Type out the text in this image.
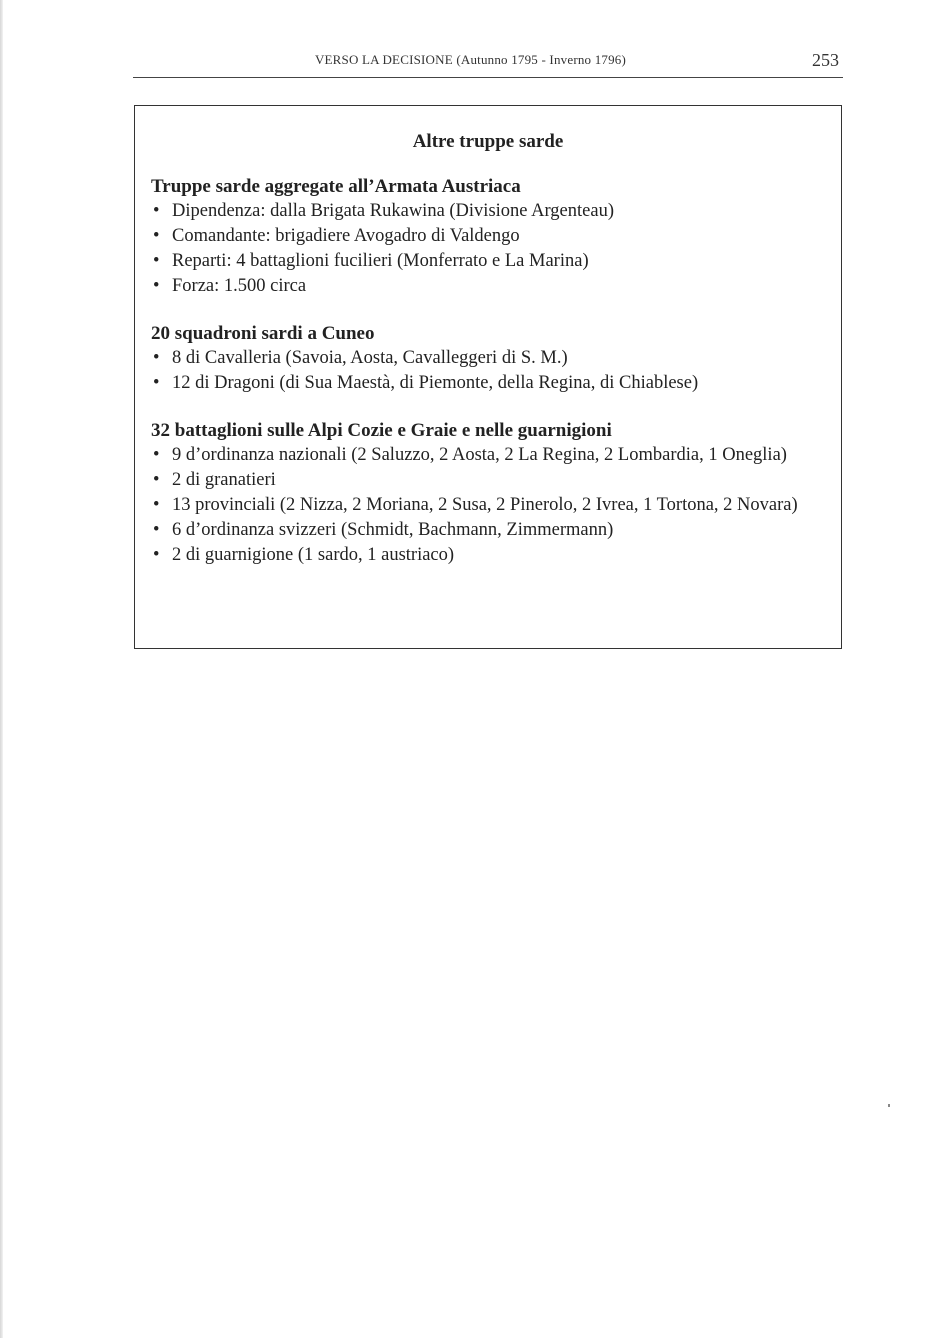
VERSO LA DECISIONE (Autunno 1795 - Inverno 1796)	253
Altre truppe sarde
Truppe sarde aggregate all’Armata Austriaca
• Dipendenza: dalla Brigata Rukawina (Divisione Argenteau)
• Comandante: brigadiere Avogadro di Valdengo
• Reparti: 4 battaglioni fucilieri (Monferrato e La Marina)
• Forza: 1.500 circa
20 squadroni sardi a Cuneo
• 8 di Cavalleria (Savoia, Aosta, Cavalleggeri di S. M.)
• 12 di Dragoni (di Sua Maestà, di Piemonte, della Regina, di Chiablese)
32 battaglioni sulle Alpi Cozie e Graie e nelle guarnigioni
• 9 d’ordinanza nazionali (2 Saluzzo, 2 Aosta, 2 La Regina, 2 Lombardia, 1 Oneglia)
• 2 di granatieri
• 13 provinciali (2 Nizza, 2 Moriana, 2 Susa, 2 Pinerolo, 2 Ivrea, 1 Tortona, 2 Novara)
• 6 d’ordinanza svizzeri (Schmidt, Bachmann, Zimmermann)
• 2 di guarnigione (1 sardo, 1 austriaco)
